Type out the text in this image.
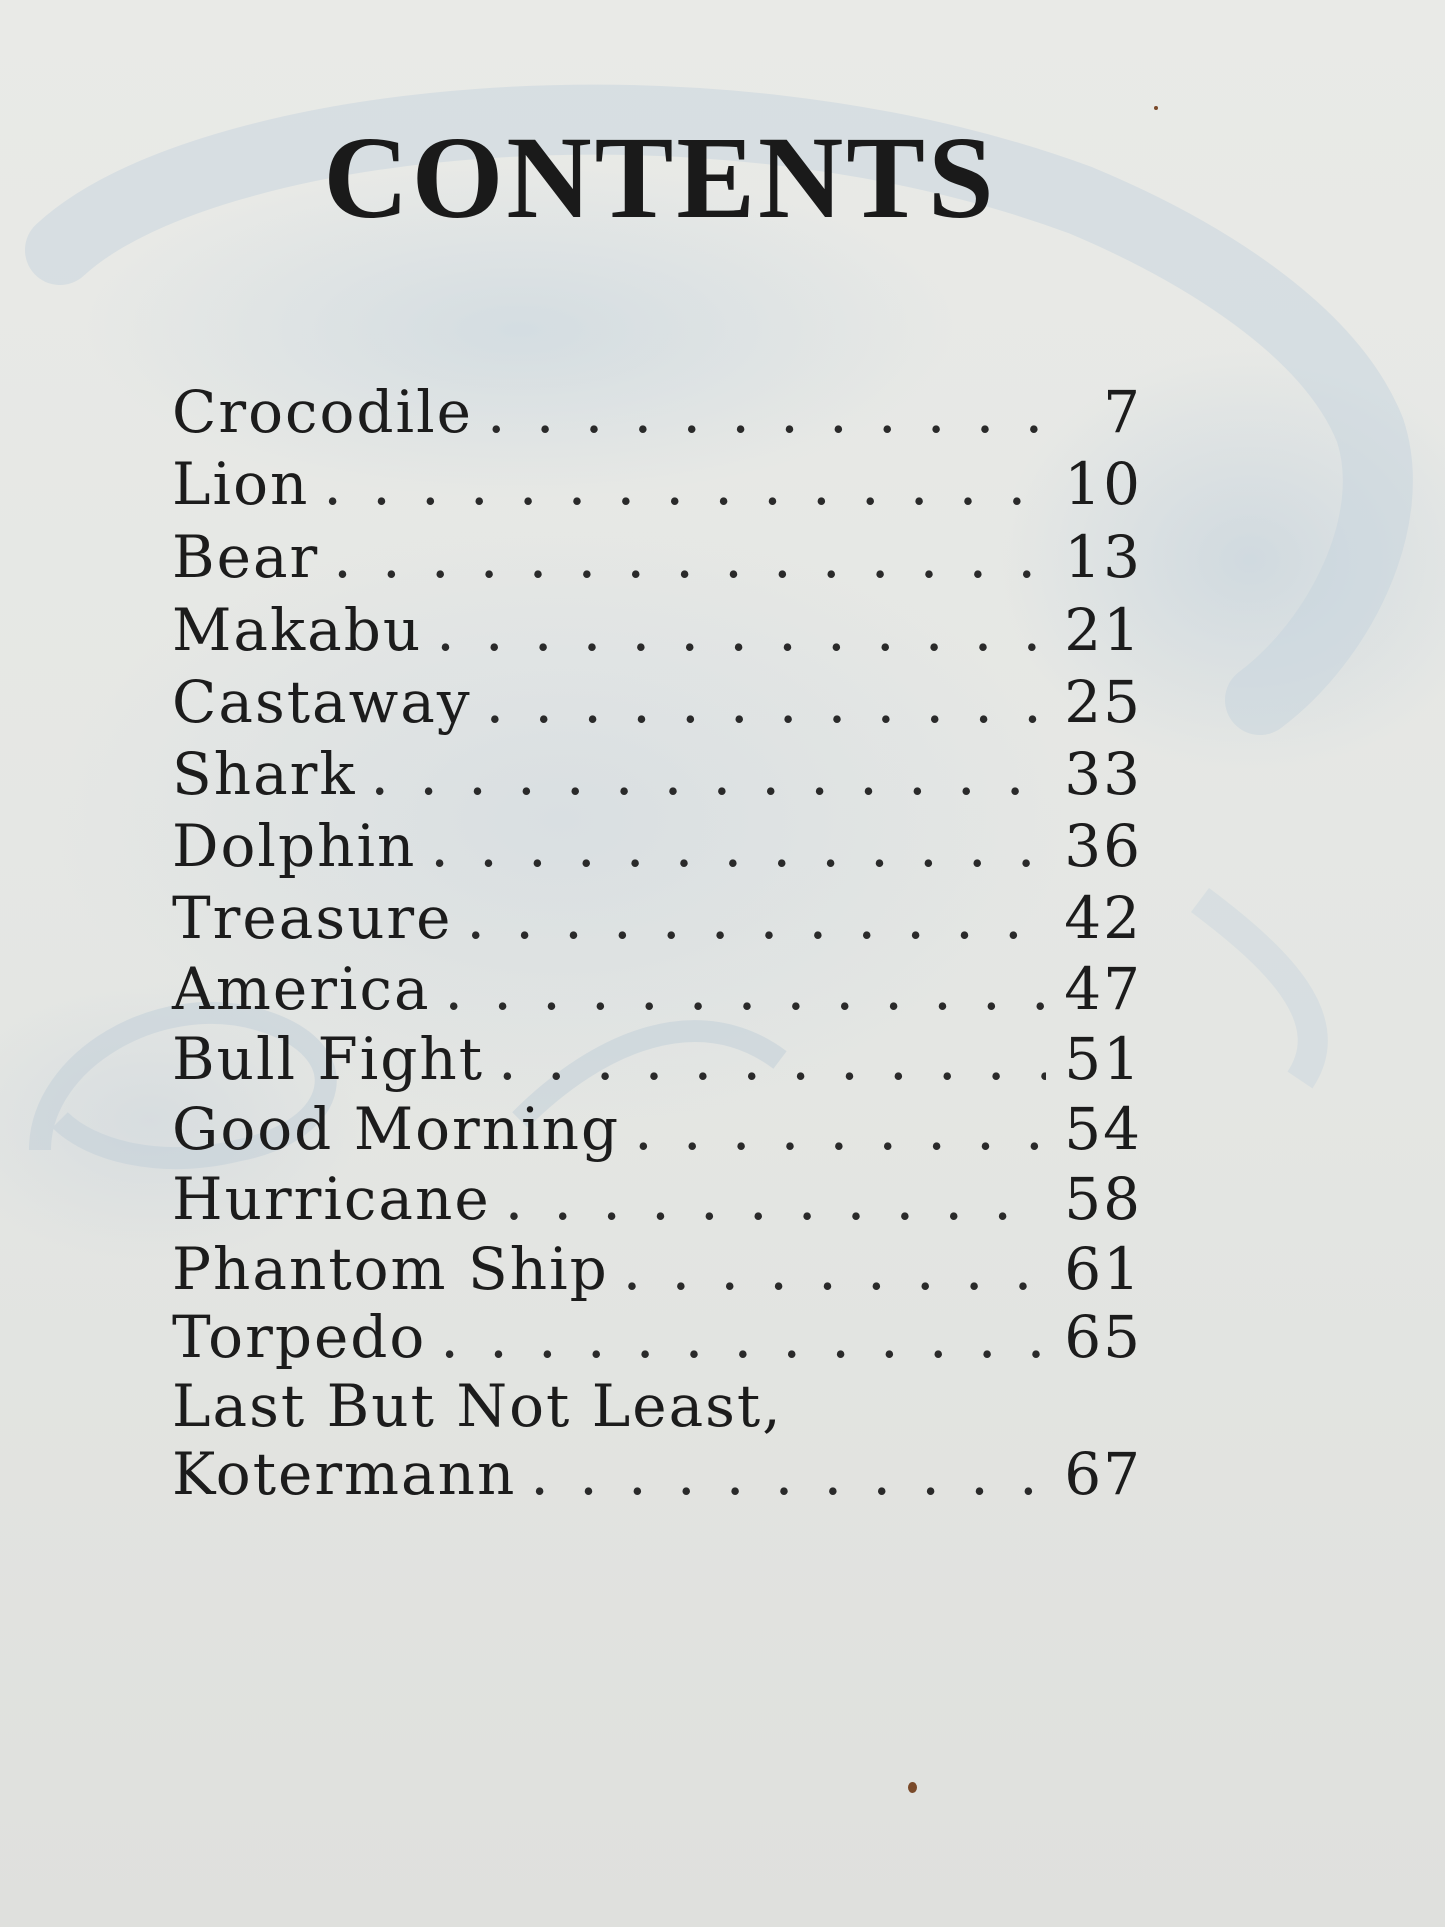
CONTENTS
Crocodile . . .	7
Lion . . .	10
Bear . . .	13
Makabu . . .	21
Castaway . . .	25
Shark . . .	33
Dolphin . . .	36
Treasure . . .	42
America . . .	47
Bull Fight . . .	51
Good Morning . . .	54
Hurricane . . .	58
Phantom Ship . . .	61
Torpedo . . .	65
Last But Not Least,
Kotermann . . .	67
